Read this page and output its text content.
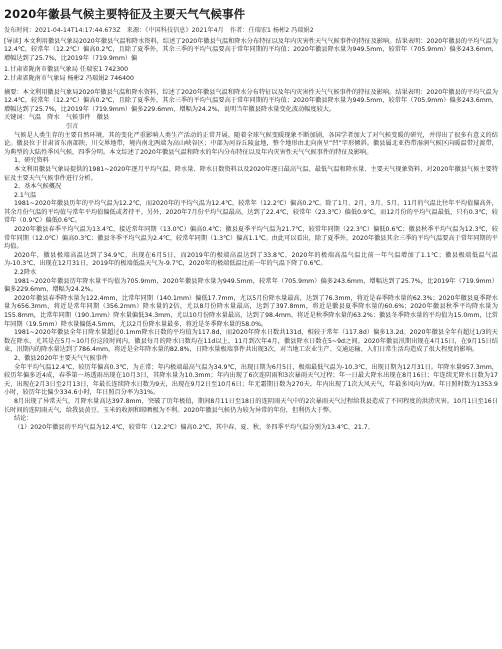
2020年徽县气候主要特征及主要天气气候事件
发布时间：2021-04-14T14:17:44.673Z　来源：《中国科技信息》2021年4月　作者：任瑞宏1 杨彬2 冯瑞娟2
[导读] 本文利用徽县气象局2020年徽县气温和降水资料，综述了2020年徽县气温和降水分布特征以及年内灾害性天气气候事件的特征及影响。结果表明：2020年徽县的平均气温为12.4℃，较常年（12.2℃）偏高0.2℃，且除了夏季外，其余三季的平均气温要高于常年同期的平均值；2020年徽县降水量为949.5mm，较常年（705.9mm）偏多243.6mm，增幅达到了25.7%，比2019年（719.9mm）偏
1.甘肃省陇南市徽县气象局 任瑞宏1 742300
2.甘肃省陇南市气象局 杨彬2 冯瑞娟2 746400

摘要：本文利用徽县气象局2020年徽县气温和降水资料，综述了2020年徽县气温和降水分布特征以及年内灾害性天气气候事件的特征及影响。结果表明：2020年徽县的平均气温为12.4℃，较常年（12.2℃）偏高0.2℃，且除了夏季外，其余三季的平均气温要高于常年同期的平均值；2020年徽县降水量为949.5mm，较常年（705.9mm）偏多243.6mm，增幅达到了25.7%，比2019年（719.9mm）偏多229.6mm，增幅为24.2%，说明当年徽县降水量变化波动幅度较大。

关键词：气温　降水　气候事件　徽县

引言

气候是人类生存的主要自然环境，其的变化严重影响人类生产活动的正常开展。随着全球气候变暖现象不断加剧，各国学者加大了对气候变暖的研究，并得出了很多有意义的结论。徽县位于甘肃省东南部陕、川交界地带，境内南北两端为高山峡谷区；中部为河谷丘陵盆地，整个地形由北向南呈“凹”字形倾斜。徽县属北亚热带湿润气候区向暖温带过渡带，为典型的大陆性季风气候，四季分明。本文综述了2020年徽县气温和降水的年内分布特征以及年内灾害性天气气候事件的特征及影响。

1、研究资料

本文利用徽县气象局提供的1981~2020年逐月平均气温、降水量、降水日数资料以及2020年逐日最高气温、最低气温和降水量、主要天气现象资料，对2020年徽县气候主要特征及主要天气气候事件进行分析。

2、基本气候概况

2.1气温

1981~2020年徽县历年的平均气温为12.2℃，而2020年的平均气温为12.4℃，较常年（12.2℃）偏高0.2℃。除了1月、2月、3月、5月、11月的气温比往年平均值偏高外，其余月份气温的平均值与常年平均值偏低或者持平。另外，2020年7月份平均气温最高，达到了22.4℃，较常年（23.3℃）偏低0.9℃，而12月份的平均气温最低，只有0.3℃，较常年（0.9℃）偏低0.6℃。

2020年徽县春季平均气温为13.4℃，接近常年同期（13.0℃）偏高0.4℃；徽县夏季平均气温为21.7℃，较常年同期（22.3℃）偏低0.6℃；徽县秋季平均气温为12.3℃，较常年同期（12.0℃）偏高0.3℃；徽县冬季平均气温为2.4℃，较常年同期（1.3℃）偏高1.1℃。由此可以看出，除了夏季外，2020年徽县其余三季的平均气温要高于常年同期的平均值。

2020年，徽县极端高温达到了34.9℃，出现在6月5日，而2019年的极端高温达到了33.8℃，2020年的极端高温气温比前一年气温增加了1.1℃；徽县极端低温气温为-10.3℃，出现在12月31日，2019年的极端低温天气为-9.7℃，2020年的极端低温比前一年的气温下降了0.6℃。

2.2降水

1981~2020年徽县历年降水量平均值为705.9mm，2020年徽县降水量为949.5mm，较常年（705.9mm）偏多243.6mm，增幅达到了25.7%，比2019年（719.9mm）偏多229.6mm，增幅为24.2%。

2020年徽县春季降水量为122.4mm，比常年同期（140.1mm）偏低17.7mm，尤以5月份降水量最高，达到了76.3mm，将近是春季降水量的62.3%；2020年徽县夏季降水量为656.3mm，将近是常年同期（356.2mm）降水量的2倍，尤以8月份降水量最高，达到了397.8mm，将近是徽县夏季降水量的60.6%；2020年徽县秋季平均降水量为155.8mm，比常年同期（190.1mm）降水量偏低34.3mm，尤以10月份降水量最高，达到了98.4mm，将近是秋季降水量的63.2%；徽县冬季降水量的平均值为15.0mm，比常年同期（19.5mm）降水量偏低4.5mm，尤以2月份降水量最多，将近是冬季降水量的58.0%。

1981~2020年徽县全年日降水量超过0.1mm降水日数的平均值为117.8d，而2020年降水日数共131d，相较于常年（117.8d）偏多13.2d。2020年徽县全年有超过1/3的天数在降水，尤其是在5月~10月份这段时间内，徽县每月的降水日数均在11d以上，11月到次年4月，徽县降水日数在5~9d之间。2020年徽县汛期出现在4月15日，在9月15日结束，汛期内的降水量达到了786.4mm，将近是全年降水量的82.8%，日降水量极端事件共出现3次，对当地工农业生产、交通运输、人们日常生活均造成了很大程度的影响。

2、徽县2020年主要天气气候事件

全年平均气温12.4℃，较历年偏高0.3℃，为正常；年内极端最高气温为34.9℃，出现日期为6月5日，极端最低气温为-10.3℃，出现日期为12月31日。年降水量957.3mm，较历年偏多近4成，春季第一场透雨出现在10月3日，其降水量为10.3mm；年内出现了6次连阴雨和3次暴雨天气过程；年一日最大降水出现在8月16日；年连续无降水日数为17天，出现在2月3日至2月13日，年最长连续降水日数为9天，出现在9月2日至10月6日；年无霜期日数为270天。年内出现了1次大风天气，年最多风向为W。年日照时数为1353.9小时，较历年比偏少334.6小时，年日照百分率为31%。

8月出现了异常天气，月降水量高达397.8mm，突破了历年极值，期间8月11日至18日的连阴雨天气中的2次暴雨天气过程给我县造成了不同程度的洪涝灾害。10月1日至16日长时间的连阴雨天气，给我县黄豆、玉米的收割和晾晒极为不利。2020年徽县气候仍为较为异常的年份，但利仍大于弊。

结论：

（1）2020年徽县的平均气温为12.4℃，较常年（12.2℃）偏高0.2℃，其中春、夏、秋、冬四季平均气温分别为13.4℃、21.7、
